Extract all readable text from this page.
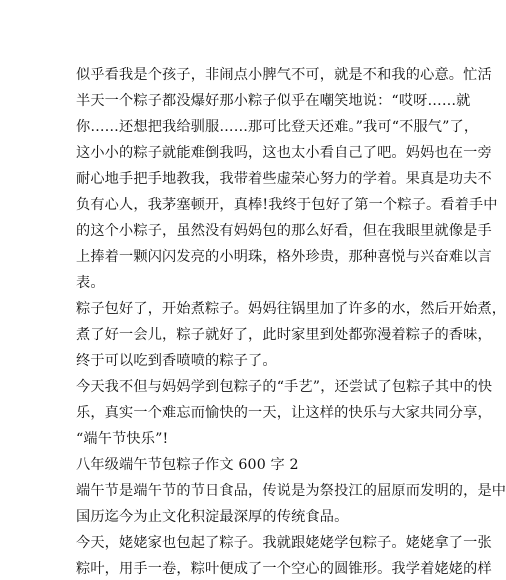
似乎看我是个孩子，非闹点小脾气不可，就是不和我的心意。忙活
半天一个粽子都没爆好那小粽子似乎在嘲笑地说：“哎呀……就
你……还想把我给驯服……那可比登天还难。”我可“不服气”了，
这小小的粽子就能难倒我吗，这也太小看自己了吧。妈妈也在一旁
耐心地手把手地教我，我带着些虚荣心努力的学着。果真是功夫不
负有心人，我茅塞顿开，真棒!我终于包好了第一个粽子。看着手中
的这个小粽子，虽然没有妈妈包的那么好看，但在我眼里就像是手
上捧着一颗闪闪发亮的小明珠，格外珍贵，那种喜悦与兴奋难以言
表。
粽子包好了，开始煮粽子。妈妈往锅里加了许多的水，然后开始煮，
煮了好一会儿，粽子就好了，此时家里到处都弥漫着粽子的香味，
终于可以吃到香喷喷的粽子了。
今天我不但与妈妈学到包粽子的“手艺”，还尝试了包粽子其中的快
乐，真实一个难忘而愉快的一天，让这样的快乐与大家共同分享，
“端午节快乐”!
八年级端午节包粽子作文 600 字 2
端午节是端午节的节日食品，传说是为祭投江的屈原而发明的，是中
国历迄今为止文化积淀最深厚的传统食品。
今天，姥姥家也包起了粽子。我就跟姥姥学包粽子。姥姥拿了一张
粽叶，用手一卷，粽叶便成了一个空心的圆锥形。我学着姥姥的样
